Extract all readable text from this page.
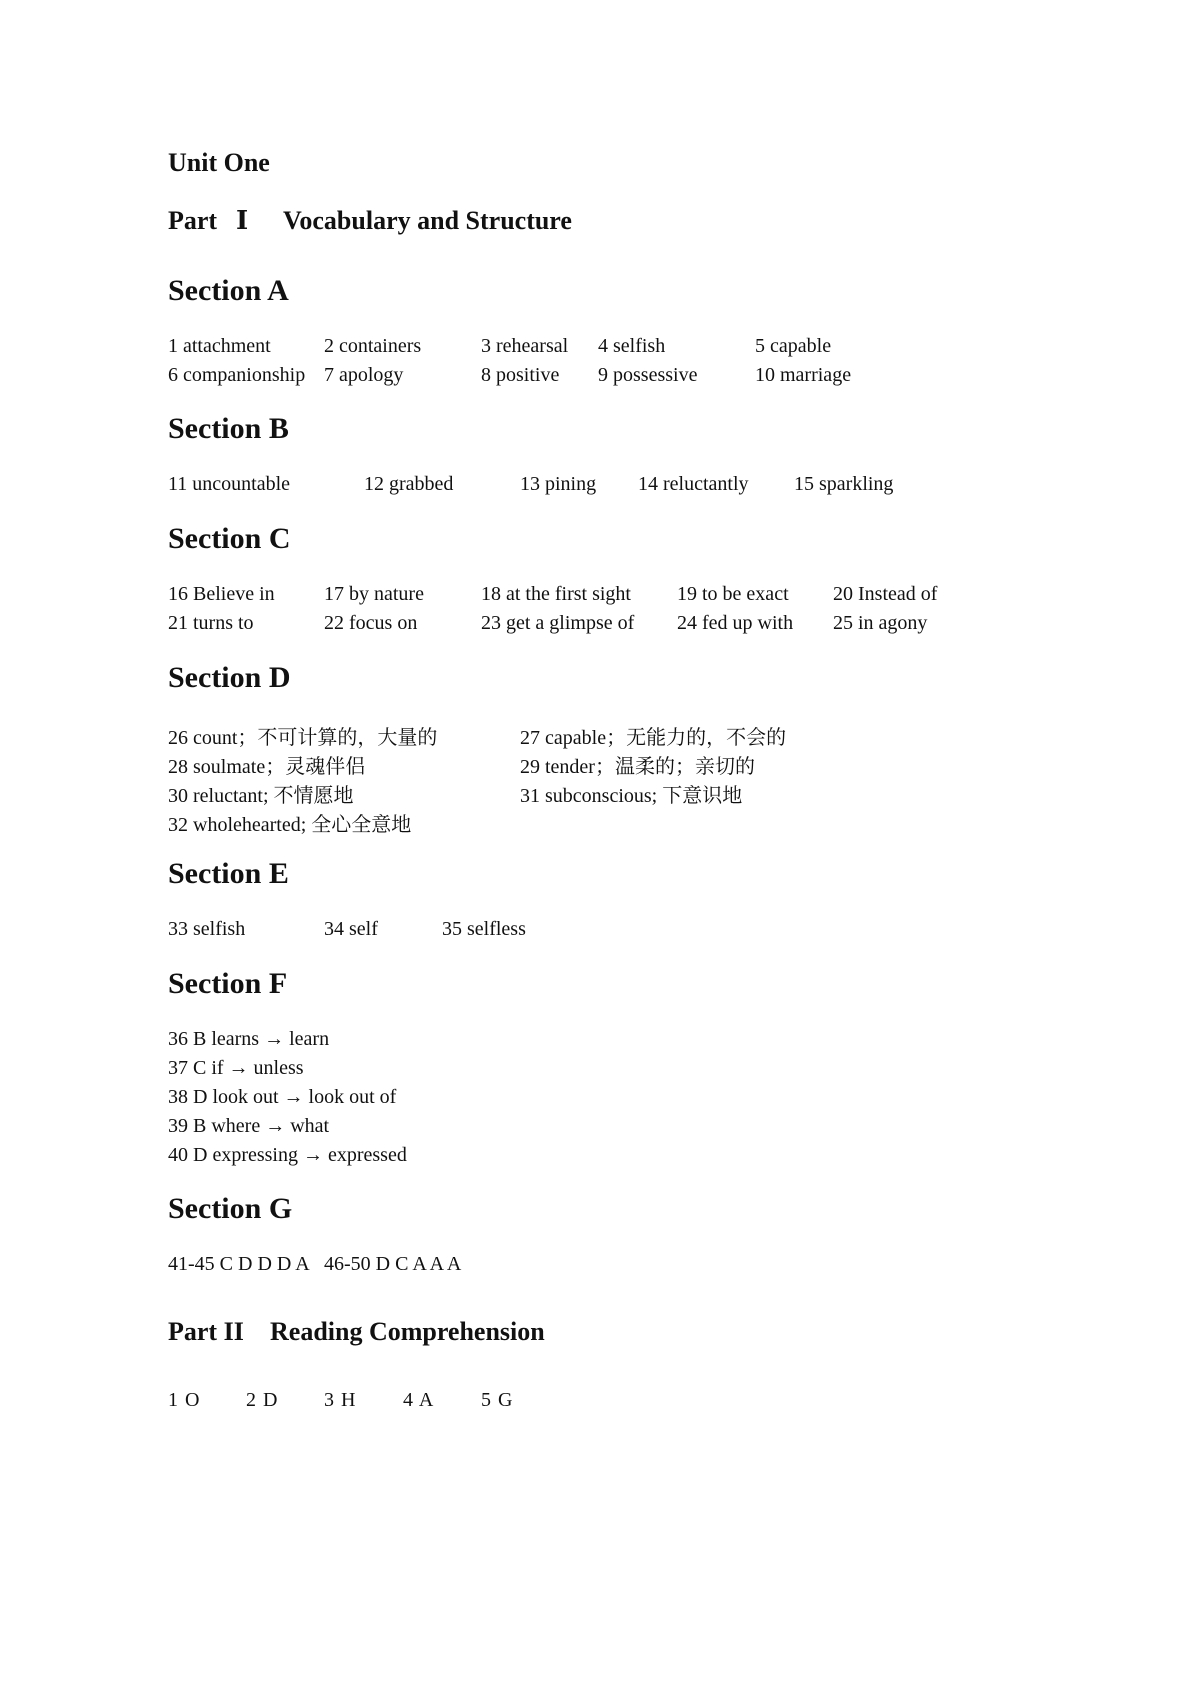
Unit One
Part Ⅰ Vocabulary and Structure
Section A
1 attachment	2 containers	3 rehearsal 4 selfish	5 capable
6 companionship 7 apology	8 positive 9 possessive	10 marriage
Section B
11 uncountable	12 grabbed	13 pining 14 reluctantly 15 sparkling
Section C
16 Believe in 17 by nature	18 at the first sight 19 to be exact 20 Instead of
21 turns to	22 focus on	23 get a glimpse of 24 fed up with 25 in agony
Section D
26 count；不可计算的，大量的	27 capable；无能力的，不会的
28 soulmate；灵魂伴侣	29 tender；温柔的；亲切的
30 reluctant; 不情愿地	31 subconscious; 下意识地
32 wholehearted; 全心全意地
Section E
33 selfish	34 self	35 selfless
Section F
36 B learns → learn
37 C if → unless
38 D look out → look out of
39 B where → what
40 D expressing → expressed
Section G
41-45 C D D D A 46-50 D C A A A
Part II Reading Comprehension
1 O 2 D 3 H 4 A 5 G
